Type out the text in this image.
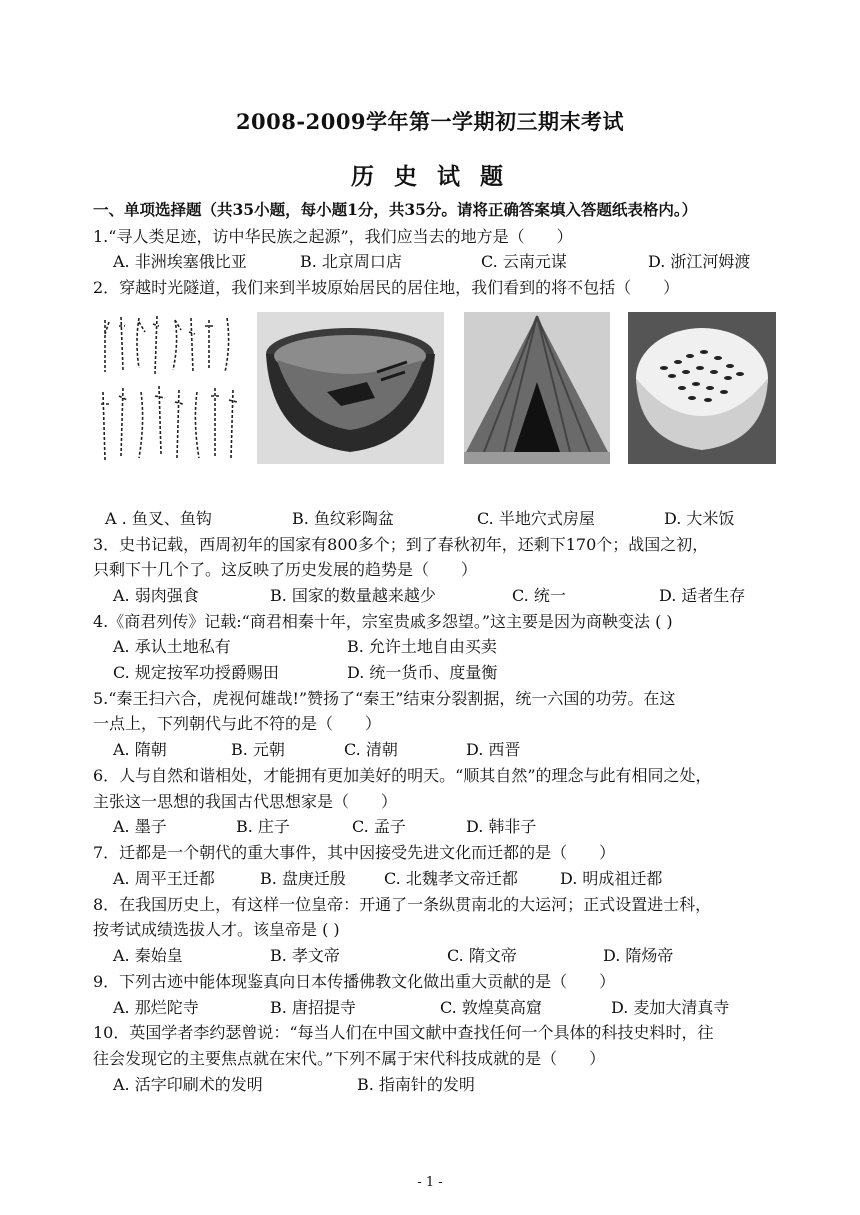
2008-2009学年第一学期初三期末考试
历 史 试 题
一、单项选择题（共35小题，每小题1分，共35分。请将正确答案填入答题纸表格内。）
1.“寻人类足迹，访中华民族之起源”，我们应当去的地方是（　　）
A. 非洲埃塞俄比亚	B. 北京周口店	C. 云南元谋	D. 浙江河姆渡
2．穿越时光隧道，我们来到半坡原始居民的居住地，我们看到的将不包括（　　）
A . 鱼叉、鱼钩	B. 鱼纹彩陶盆	C. 半地穴式房屋	D. 大米饭
3．史书记载，西周初年的国家有800多个；到了春秋初年，还剩下170个；战国之初，
只剩下十几个了。这反映了历史发展的趋势是（　　）
A. 弱肉强食	B. 国家的数量越来越少	C. 统一	D. 适者生存
4.《商君列传》记载:“商君相秦十年，宗室贵戚多怨望。”这主要是因为商鞅变法 ( )
A. 承认土地私有	B. 允许土地自由买卖
C. 规定按军功授爵赐田	D. 统一货币、度量衡
5.“秦王扫六合，虎视何雄哉!”赞扬了“秦王”结束分裂割据，统一六国的功劳。在这
一点上，下列朝代与此不符的是（　　）
A. 隋朝	B. 元朝	C. 清朝	D. 西晋
6．人与自然和谐相处，才能拥有更加美好的明天。“顺其自然”的理念与此有相同之处，
主张这一思想的我国古代思想家是（　　）
A. 墨子	B. 庄子	C. 孟子	D. 韩非子
7．迁都是一个朝代的重大事件，其中因接受先进文化而迁都的是（　　）
A. 周平王迁都	B. 盘庚迁殷 C. 北魏孝文帝迁都	D. 明成祖迁都
8．在我国历史上，有这样一位皇帝：开通了一条纵贯南北的大运河；正式设置进士科，
按考试成绩选拔人才。该皇帝是 ( )
A. 秦始皇	B. 孝文帝	C. 隋文帝	D. 隋炀帝
9．下列古迹中能体现鉴真向日本传播佛教文化做出重大贡献的是（　　）
A. 那烂陀寺	B. 唐招提寺	C. 敦煌莫高窟	D. 麦加大清真寺
10．英国学者李约瑟曾说：“每当人们在中国文献中查找任何一个具体的科技史料时，往
往会发现它的主要焦点就在宋代。”下列不属于宋代科技成就的是（　　）
A. 活字印刷术的发明	B. 指南针的发明
- 1 -
